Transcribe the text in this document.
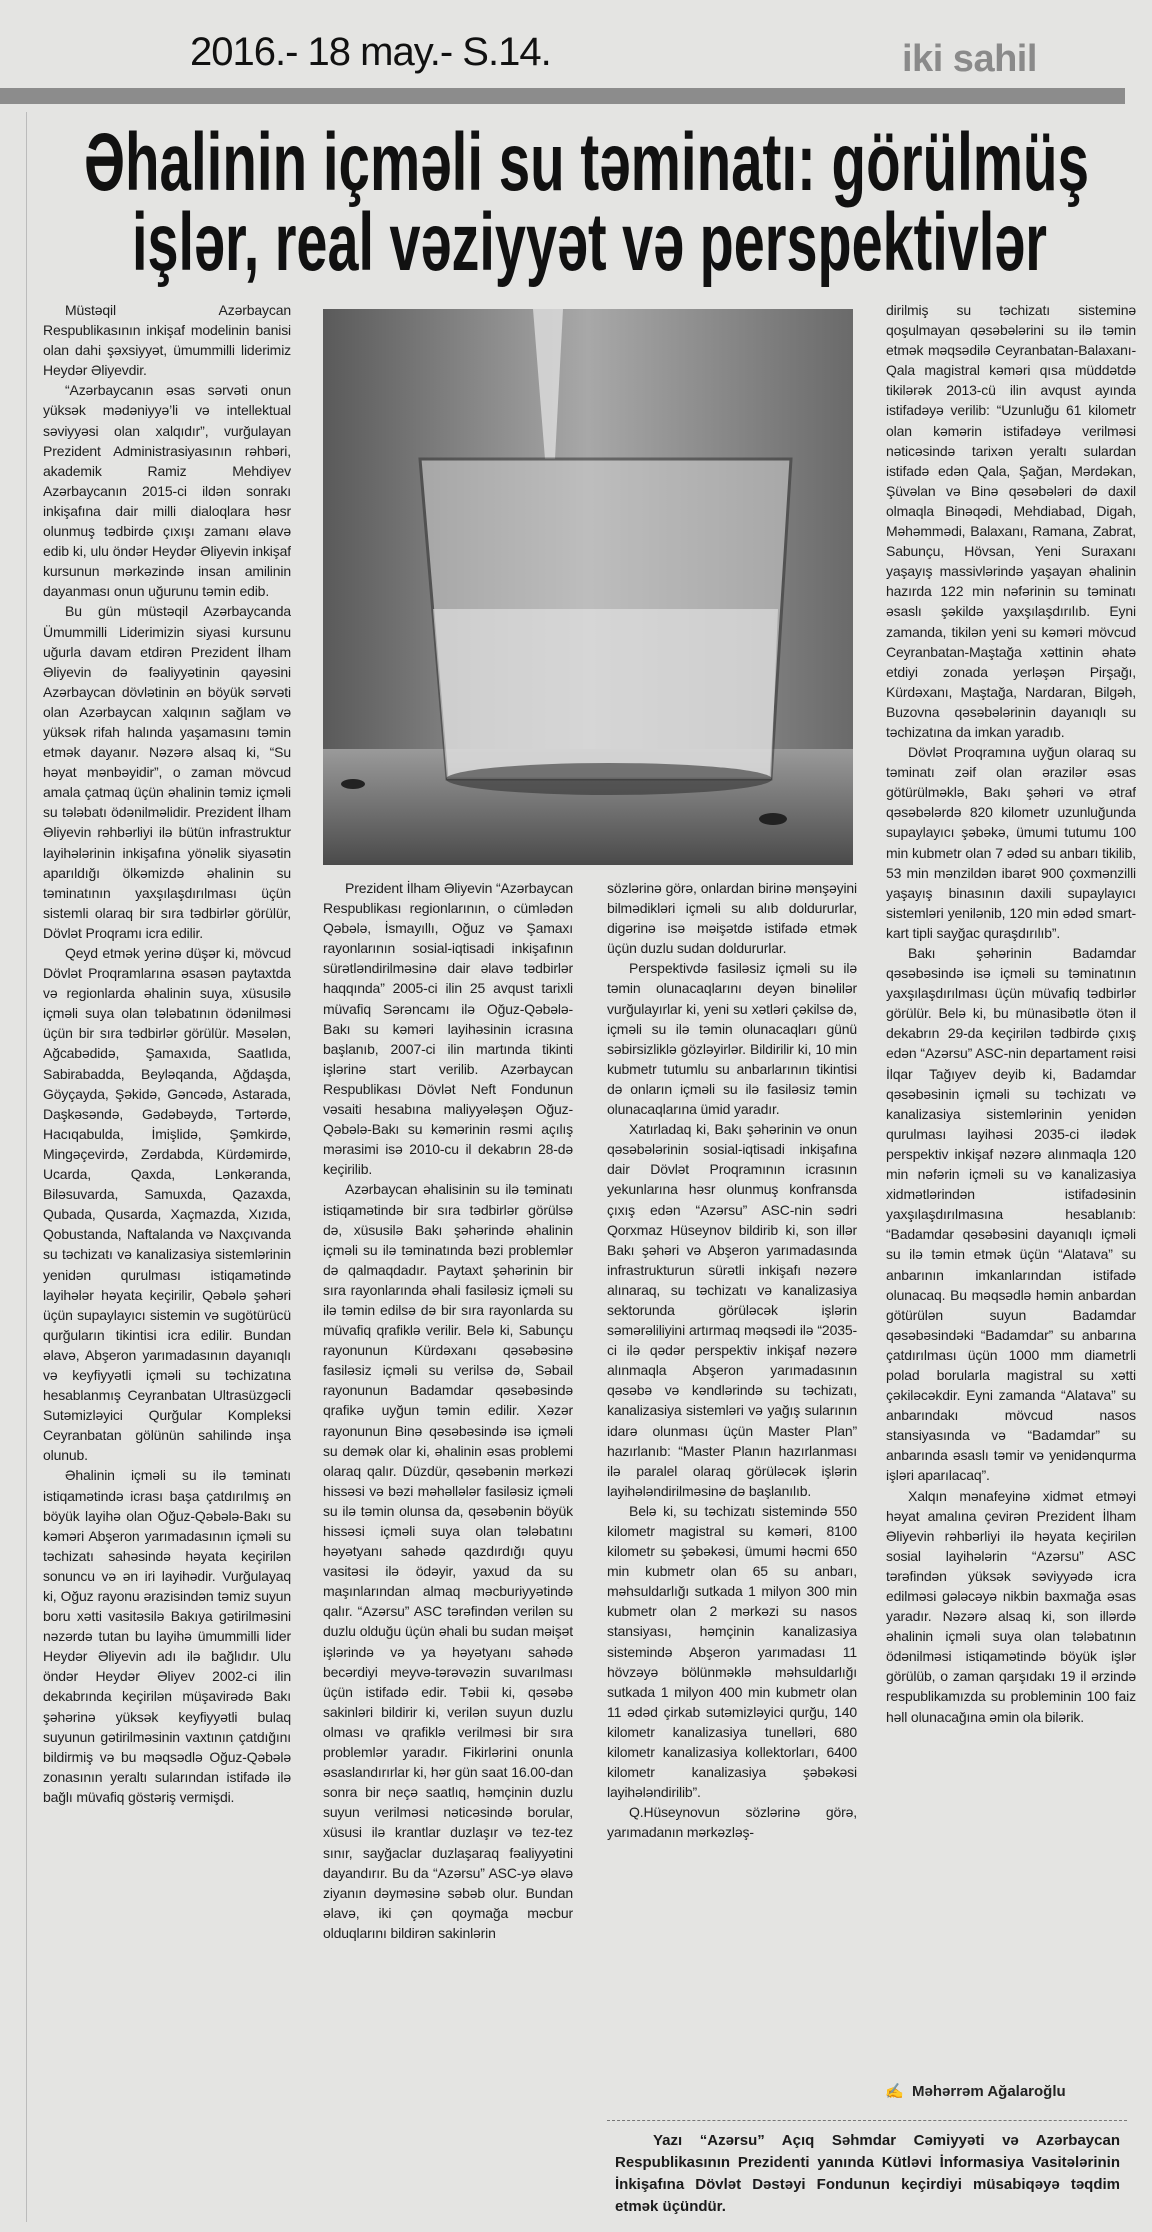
2016.- 18 may.- S.14.	iki sahil
Əhalinin içməli su təminatı: görülmüş
işlər, real vəziyyət və perspektivlər

Müstəqil Azərbaycan Respublikasının inkişaf modelinin banisi olan dahi şəxsiyyət, ümummilli liderimiz Heydər Əliyevdir.

“Azərbaycanın əsas sərvəti onun yüksək mədəniyyə’li və intellektual səviyyəsi olan xalqıdır”, vurğulayan Prezident Administrasiyasının rəhbəri, akademik Ramiz Mehdiyev Azərbaycanın 2015-ci ildən sonrakı inkişafına dair milli dialoqlara həsr olunmuş tədbirdə çıxışı zamanı əlavə edib ki, ulu öndər Heydər Əliyevin inkişaf kursunun mərkəzində insan amilinin dayanması onun uğurunu təmin edib.

Bu gün müstəqil Azərbaycanda Ümummilli Liderimizin siyasi kursunu uğurla davam etdirən Prezident İlham Əliyevin də fəaliyyətinin qayəsini Azərbaycan dövlətinin ən böyük sərvəti olan Azərbaycan xalqının sağlam və yüksək rifah halında yaşamasını təmin etmək dayanır. Nəzərə alsaq ki, “Su həyat mənbəyidir”, o zaman mövcud amala çatmaq üçün əhalinin təmiz içməli su tələbatı ödənilməlidir. Prezident İlham Əliyevin rəhbərliyi ilə bütün infrastruktur layihələrinin inkişafına yönəlik siyasətin aparıldığı ölkəmizdə əhalinin su təminatının yaxşılaşdırılması üçün sistemli olaraq bir sıra tədbirlər görülür, Dövlət Proqramı icra edilir.

Qeyd etmək yerinə düşər ki, mövcud Dövlət Proqramlarına əsasən paytaxtda və regionlarda əhalinin suya, xüsusilə içməli suya olan tələbatının ödənilməsi üçün bir sıra tədbirlər görülür. Məsələn, Ağcabədidə, Şamaxıda, Saatlıda, Sabirabadda, Beyləqanda, Ağdaşda, Göyçayda, Şəkidə, Gəncədə, Astarada, Daşkəsəndə, Gədəbəydə, Tərtərdə, Hacıqabulda, İmişlidə, Şəmkirdə, Mingəçevirdə, Zərdabda, Kürdəmirdə, Ucarda, Qaxda, Lənkəranda, Biləsuvarda, Samuxda, Qazaxda, Qubada, Qusarda, Xaçmazda, Xızıda, Qobustanda, Naftalanda və Naxçıvanda su təchizatı və kanalizasiya sistemlərinin yenidən qurulması istiqamətində layihələr həyata keçirilir, Qəbələ şəhəri üçün supaylayıcı sistemin və sugötürücü qurğuların tikintisi icra edilir. Bundan əlavə, Abşeron yarımadasının dayanıqlı və keyfiyyətli içməli su təchizatına hesablanmış Ceyranbatan Ultrasüzgəcli Sutəmizləyici Qurğular Kompleksi Ceyranbatan gölünün sahilində inşa olunub.

Əhalinin içməli su ilə təminatı istiqamətində icrası başa çatdırılmış ən böyük layihə olan Oğuz-Qəbələ-Bakı su kəməri Abşeron yarımadasının içməli su təchizatı sahəsində həyata keçirilən sonuncu və ən iri layihədir. Vurğulayaq ki, Oğuz rayonu ərazisindən təmiz suyun boru xətti vasitəsilə Bakıya gətirilməsini nəzərdə tutan bu layihə ümummilli lider Heydər Əliyevin adı ilə bağlıdır. Ulu öndər Heydər Əliyev 2002-ci ilin dekabrında keçirilən müşavirədə Bakı şəhərinə yüksək keyfiyyətli bulaq suyunun gətirilməsinin vaxtının çatdığını bildirmiş və bu məqsədlə Oğuz-Qəbələ zonasının yeraltı sularından istifadə ilə bağlı müvafiq göstəriş vermişdi.

Prezident İlham Əliyevin “Azərbaycan Respublikası regionlarının, o cümlədən Qəbələ, İsmayıllı, Oğuz və Şamaxı rayonlarının sosial-iqtisadi inkişafının sürətləndirilməsinə dair əlavə tədbirlər haqqında” 2005-ci ilin 25 avqust tarixli müvafiq Sərəncamı ilə Oğuz-Qəbələ-Bakı su kəməri layihəsinin icrasına başlanıb, 2007-ci ilin martında tikinti işlərinə start verilib. Azərbaycan Respublikası Dövlət Neft Fondunun vəsaiti hesabına maliyyələşən Oğuz-Qəbələ-Bakı su kəmərinin rəsmi açılış mərasimi isə 2010-cu il dekabrın 28-də keçirilib.

Azərbaycan əhalisinin su ilə təminatı istiqamətində bir sıra tədbirlər görülsə də, xüsusilə Bakı şəhərində əhalinin içməli su ilə təminatında bəzi problemlər də qalmaqdadır. Paytaxt şəhərinin bir sıra rayonlarında əhali fasiləsiz içməli su ilə təmin edilsə də bir sıra rayonlarda su müvafiq qrafiklə verilir. Belə ki, Sabunçu rayonunun Kürdəxanı qəsəbəsinə fasiləsiz içməli su verilsə də, Səbail rayonunun Badamdar qəsəbəsində qrafikə uyğun təmin edilir. Xəzər rayonunun Binə qəsəbəsində isə içməli su demək olar ki, əhalinin əsas problemi olaraq qalır. Düzdür, qəsəbənin mərkəzi hissəsi və bəzi məhəllələr fasiləsiz içməli su ilə təmin olunsa da, qəsəbənin böyük hissəsi içməli suya olan tələbatını həyətyanı sahədə qazdırdığı quyu vasitəsi ilə ödəyir, yaxud da su maşınlarından almaq məcburiyyətində qalır. “Azərsu” ASC tərəfindən verilən su duzlu olduğu üçün əhali bu sudan məişət işlərində və ya həyətyanı sahədə becərdiyi meyvə-tərəvəzin suvarılması üçün istifadə edir. Təbii ki, qəsəbə sakinləri bildirir ki, verilən suyun duzlu olması və qrafiklə verilməsi bir sıra problemlər yaradır. Fikirlərini onunla əsaslandırırlar ki, hər gün saat 16.00-dan sonra bir neçə saatlıq, həmçinin duzlu suyun verilməsi nəticəsində borular, xüsusi ilə krantlar duzlaşır və tez-tez sınır, sayğaclar duzlaşaraq fəaliyyətini dayandırır. Bu da “Azərsu” ASC-yə əlavə ziyanın dəyməsinə səbəb olur. Bundan əlavə, iki çən qoymağa məcbur olduqlarını bildirən sakinlərin

sözlərinə görə, onlardan birinə mənşəyini bilmədikləri içməli su alıb doldururlar, digərinə isə məişətdə istifadə etmək üçün duzlu sudan doldururlar.

Perspektivdə fasiləsiz içməli su ilə təmin olunacaqlarını deyən binəlilər vurğulayırlar ki, yeni su xətləri çəkilsə də, içməli su ilə təmin olunacaqları günü səbirsizliklə gözləyirlər. Bildirilir ki, 10 min kubmetr tutumlu su anbarlarının tikintisi də onların içməli su ilə fasiləsiz təmin olunacaqlarına ümid yaradır.

Xatırladaq ki, Bakı şəhərinin və onun qəsəbələrinin sosial-iqtisadi inkişafına dair Dövlət Proqramının icrasının yekunlarına həsr olunmuş konfransda çıxış edən “Azərsu” ASC-nin sədri Qorxmaz Hüseynov bildirib ki, son illər Bakı şəhəri və Abşeron yarımadasında infrastrukturun sürətli inkişafı nəzərə alınaraq, su təchizatı və kanalizasiya sektorunda görüləcək işlərin səmərəliliyini artırmaq məqsədi ilə “2035-ci ilə qədər perspektiv inkişaf nəzərə alınmaqla Abşeron yarımadasının qəsəbə və kəndlərində su təchizatı, kanalizasiya sistemləri və yağış sularının idarə olunması üçün Master Plan” hazırlanıb: “Master Planın hazırlanması ilə paralel olaraq görüləcək işlərin layihələndirilməsinə də başlanılıb.

Belə ki, su təchizatı sistemində 550 kilometr magistral su kəməri, 8100 kilometr su şəbəkəsi, ümumi həcmi 650 min kubmetr olan 65 su anbarı, məhsuldarlığı sutkada 1 milyon 300 min kubmetr olan 2 mərkəzi su nasos stansiyası, həmçinin kanalizasiya sistemində Abşeron yarımadası 11 hövzəyə bölünməklə məhsuldarlığı sutkada 1 milyon 400 min kubmetr olan 11 ədəd çirkab sutəmizləyici qurğu, 140 kilometr kanalizasiya tunelləri, 680 kilometr kanalizasiya kollektorları, 6400 kilometr kanalizasiya şəbəkəsi layihələndirilib”.

Q.Hüseynovun sözlərinə görə, yarımadanın mərkəzləş-

dirilmiş su təchizatı sisteminə qoşulmayan qəsəbələrini su ilə təmin etmək məqsədilə Ceyranbatan-Balaxanı-Qala magistral kəməri qısa müddətdə tikilərək 2013-cü ilin avqust ayında istifadəyə verilib: “Uzunluğu 61 kilometr olan kəmərin istifadəyə verilməsi nəticəsində tarixən yeraltı sulardan istifadə edən Qala, Şağan, Mərdəkan, Şüvəlan və Binə qəsəbələri də daxil olmaqla Binəqədi, Mehdiabad, Digah, Məhəmmədi, Balaxanı, Ramana, Zabrat, Sabunçu, Hövsan, Yeni Suraxanı yaşayış massivlərində yaşayan əhalinin hazırda 122 min nəfərinin su təminatı əsaslı şəkildə yaxşılaşdırılıb. Eyni zamanda, tikilən yeni su kəməri mövcud Ceyranbatan-Maştağa xəttinin əhatə etdiyi zonada yerləşən Pirşağı, Kürdəxanı, Maştağa, Nardaran, Bilgəh, Buzovna qəsəbələrinin dayanıqlı su təchizatına da imkan yaradıb.

Dövlət Proqramına uyğun olaraq su təminatı zəif olan ərazilər əsas götürülməklə, Bakı şəhəri və ətraf qəsəbələrdə 820 kilometr uzunluğunda supaylayıcı şəbəkə, ümumi tutumu 100 min kubmetr olan 7 ədəd su anbarı tikilib, 53 min mənzildən ibarət 900 çoxmənzilli yaşayış binasının daxili supaylayıcı sistemləri yenilənib, 120 min ədəd smart-kart tipli sayğac quraşdırılıb”.

Bakı şəhərinin Badamdar qəsəbəsində isə içməli su təminatının yaxşılaşdırılması üçün müvafiq tədbirlər görülür. Belə ki, bu münasibətlə ötən il dekabrın 29-da keçirilən tədbirdə çıxış edən “Azərsu” ASC-nin departament rəisi İlqar Tağıyev deyib ki, Badamdar qəsəbəsinin içməli su təchizatı və kanalizasiya sistemlərinin yenidən qurulması layihəsi 2035-ci ilədək perspektiv inkişaf nəzərə alınmaqla 120 min nəfərin içməli su və kanalizasiya xidmətlərindən istifadəsinin yaxşılaşdırılmasına hesablanıb: “Badamdar qəsəbəsini dayanıqlı içməli su ilə təmin etmək üçün “Alatava” su anbarının imkanlarından istifadə olunacaq. Bu məqsədlə həmin anbardan götürülən suyun Badamdar qəsəbəsindəki “Badamdar” su anbarına çatdırılması üçün 1000 mm diametrli polad borularla magistral su xətti çəkiləcəkdir. Eyni zamanda “Alatava” su anbarındakı mövcud nasos stansiyasında və “Badamdar” su anbarında əsaslı təmir və yenidənqurma işləri aparılacaq”.

Xalqın mənafeyinə xidmət etməyi həyat amalına çevirən Prezident İlham Əliyevin rəhbərliyi ilə həyata keçirilən sosial layihələrin “Azərsu” ASC tərəfindən yüksək səviyyədə icra edilməsi gələcəyə nikbin baxmağa əsas yaradır. Nəzərə alsaq ki, son illərdə əhalinin içməli suya olan tələbatının ödənilməsi istiqamətində böyük işlər görülüb, o zaman qarşıdakı 19 il ərzində respublikamızda su probleminin 100 faiz həll olunacağına əmin ola bilərik.

✍  Məhərrəm Ağalaroğlu
Yazı “Azərsu” Açıq Səhmdar Cəmiyyəti və Azərbaycan Respublikasının Prezidenti yanında Kütləvi İnformasiya Vasitələrinin İnkişafına Dövlət Dəstəyi Fondunun keçirdiyi müsabiqəyə təqdim etmək üçündür.
